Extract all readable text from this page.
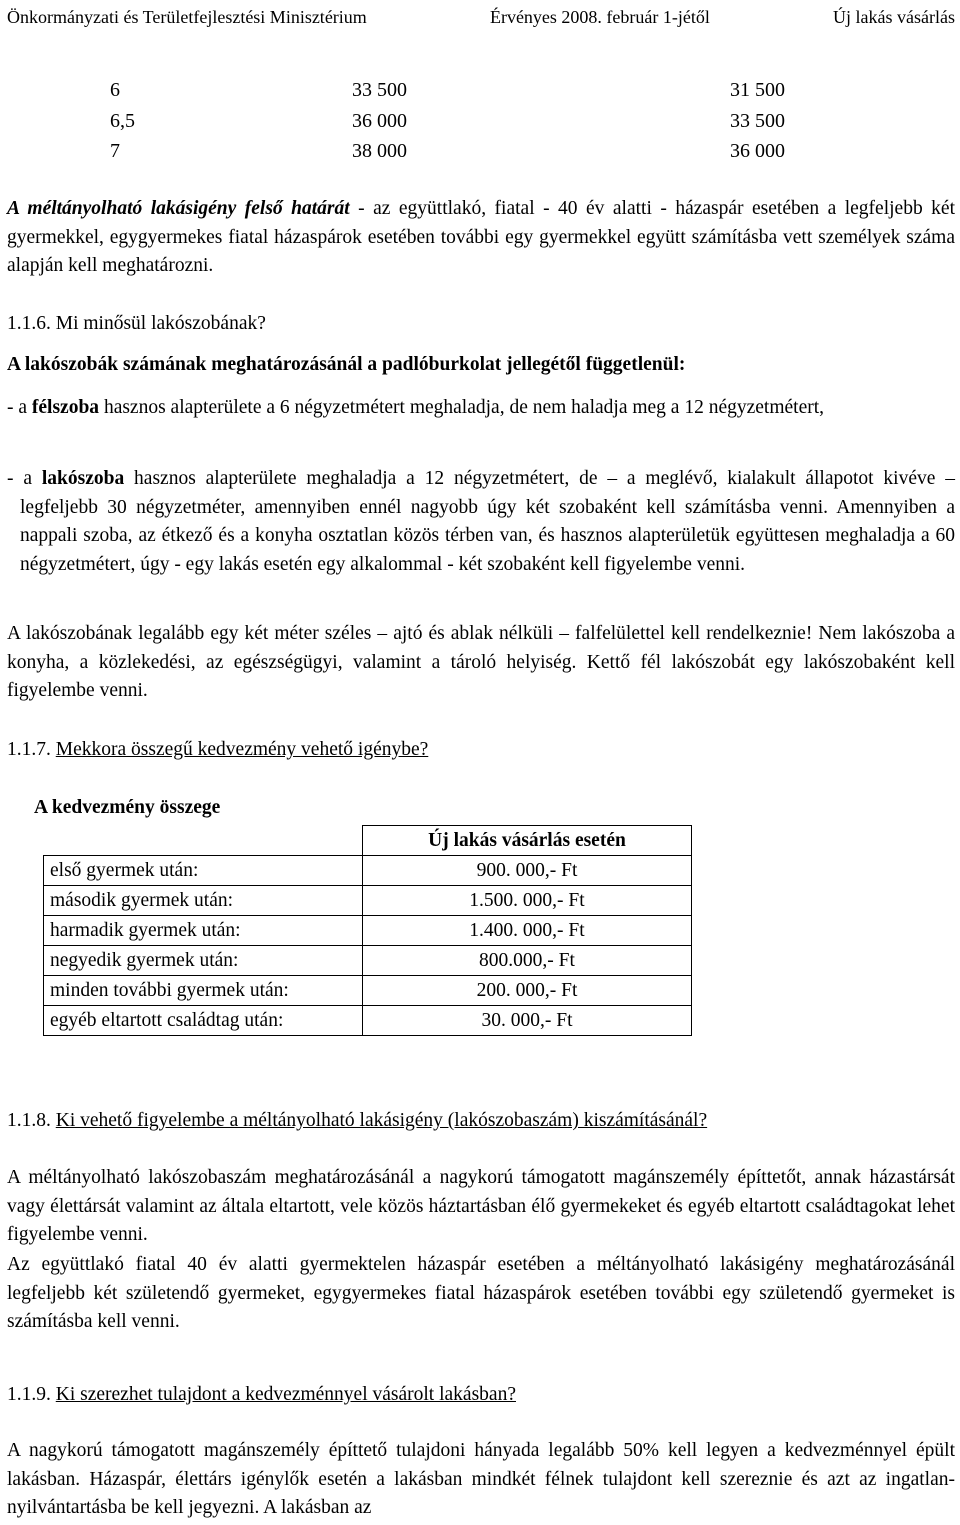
Önkormányzati és Területfejlesztési Minisztérium	Érvényes 2008. február 1-jétől	Új lakás vásárlás
6	33 500	31 500
6,5	36 000	33 500
7	38 000	36 000

A méltányolható lakásigény felső határát - az együttlakó, fiatal - 40 év alatti - házaspár esetében a legfeljebb két gyermekkel, egygyermekes fiatal házaspárok esetében további egy gyermekkel együtt számításba vett személyek száma alapján kell meghatározni.

1.1.6. Mi minősül lakószobának?

A lakószobák számának meghatározásánál a padlóburkolat jellegétől függetlenül:

- a félszoba hasznos alapterülete a 6 négyzetmétert meghaladja, de nem haladja meg a 12 négyzetmétert,

- a lakószoba hasznos alapterülete meghaladja a 12 négyzetmétert, de – a meglévő, kialakult állapotot kivéve – legfeljebb 30 négyzetméter, amennyiben ennél nagyobb úgy két szobaként kell számításba venni. Amennyiben a nappali szoba, az étkező és a konyha osztatlan közös térben van, és hasznos alapterületük együttesen meghaladja a 60 négyzetmétert, úgy - egy lakás esetén egy alkalommal - két szobaként kell figyelembe venni.

A lakószobának legalább egy két méter széles – ajtó és ablak nélküli – falfelülettel kell rendelkeznie! Nem lakószoba a konyha, a közlekedési, az egészségügyi, valamint a tároló helyiség. Kettő fél lakószobát egy lakószobaként kell figyelembe venni.

1.1.7. Mekkora összegű kedvezmény vehető igénybe?
A kedvezmény összege
	Új lakás vásárlás esetén
első gyermek után:	900. 000,- Ft
második gyermek után:	1.500. 000,- Ft
harmadik gyermek után:	1.400. 000,- Ft
negyedik gyermek után:	800.000,- Ft
minden további gyermek után:	200. 000,- Ft
egyéb eltartott családtag után:	30. 000,- Ft
1.1.8. Ki vehető figyelembe a méltányolható lakásigény (lakószobaszám) kiszámításánál?

A méltányolható lakószobaszám meghatározásánál a nagykorú támogatott magánszemély építtetőt, annak házastársát vagy élettársát valamint az általa eltartott, vele közös háztartásban élő gyermekeket és egyéb eltartott családtagokat lehet figyelembe venni.

Az együttlakó fiatal 40 év alatti gyermektelen házaspár esetében a méltányolható lakásigény meghatározásánál legfeljebb két születendő gyermeket, egygyermekes fiatal házaspárok esetében további egy születendő gyermeket is számításba kell venni.

1.1.9. Ki szerezhet tulajdont a kedvezménnyel vásárolt lakásban?

A nagykorú támogatott magánszemély építtető tulajdoni hányada legalább 50% kell legyen a kedvezménnyel épült lakásban. Házaspár, élettárs igénylők esetén a lakásban mindkét félnek tulajdont kell szereznie és azt az ingatlan-nyilvántartásba be kell jegyezni. A lakásban az
